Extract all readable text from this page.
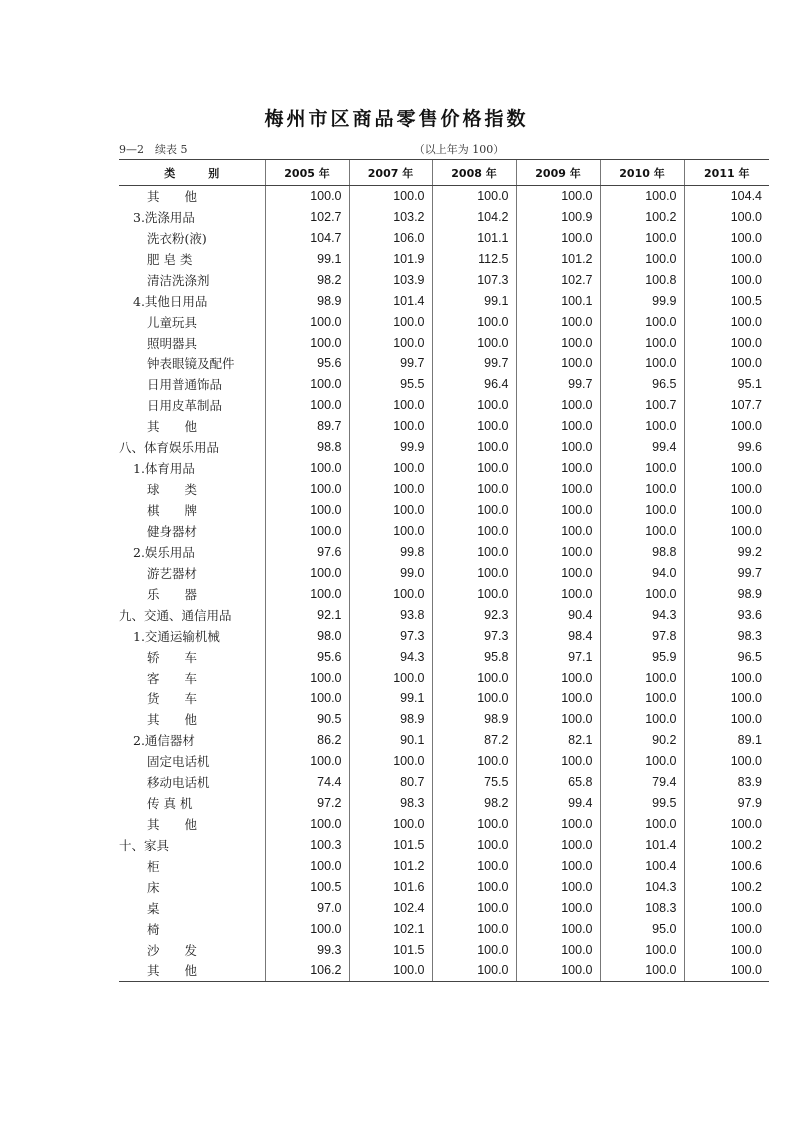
梅州市区商品零售价格指数
9—2　续表 5	（以上年为 100）
类　　　别	2005 年	2007 年	2008 年	2009 年	2010 年	2011 年
其　　他	100.0	100.0	100.0	100.0	100.0	104.4
3.洗涤用品	102.7	103.2	104.2	100.9	100.2	100.0
洗衣粉(液)	104.7	106.0	101.1	100.0	100.0	100.0
肥 皂 类	99.1	101.9	112.5	101.2	100.0	100.0
清洁洗涤剂	98.2	103.9	107.3	102.7	100.8	100.0
4.其他日用品	98.9	101.4	99.1	100.1	99.9	100.5
儿童玩具	100.0	100.0	100.0	100.0	100.0	100.0
照明器具	100.0	100.0	100.0	100.0	100.0	100.0
钟表眼镜及配件	95.6	99.7	99.7	100.0	100.0	100.0
日用普通饰品	100.0	95.5	96.4	99.7	96.5	95.1
日用皮革制品	100.0	100.0	100.0	100.0	100.7	107.7
其　　他	89.7	100.0	100.0	100.0	100.0	100.0
八、体育娱乐用品	98.8	99.9	100.0	100.0	99.4	99.6
1.体育用品	100.0	100.0	100.0	100.0	100.0	100.0
球　　类	100.0	100.0	100.0	100.0	100.0	100.0
棋　　牌	100.0	100.0	100.0	100.0	100.0	100.0
健身器材	100.0	100.0	100.0	100.0	100.0	100.0
2.娱乐用品	97.6	99.8	100.0	100.0	98.8	99.2
游艺器材	100.0	99.0	100.0	100.0	94.0	99.7
乐　　器	100.0	100.0	100.0	100.0	100.0	98.9
九、交通、通信用品	92.1	93.8	92.3	90.4	94.3	93.6
1.交通运输机械	98.0	97.3	97.3	98.4	97.8	98.3
轿　　车	95.6	94.3	95.8	97.1	95.9	96.5
客　　车	100.0	100.0	100.0	100.0	100.0	100.0
货　　车	100.0	99.1	100.0	100.0	100.0	100.0
其　　他	90.5	98.9	98.9	100.0	100.0	100.0
2.通信器材	86.2	90.1	87.2	82.1	90.2	89.1
固定电话机	100.0	100.0	100.0	100.0	100.0	100.0
移动电话机	74.4	80.7	75.5	65.8	79.4	83.9
传 真 机	97.2	98.3	98.2	99.4	99.5	97.9
其　　他	100.0	100.0	100.0	100.0	100.0	100.0
十、家具	100.3	101.5	100.0	100.0	101.4	100.2
柜	100.0	101.2	100.0	100.0	100.4	100.6
床	100.5	101.6	100.0	100.0	104.3	100.2
桌	97.0	102.4	100.0	100.0	108.3	100.0
椅	100.0	102.1	100.0	100.0	95.0	100.0
沙　　发	99.3	101.5	100.0	100.0	100.0	100.0
其　　他	106.2	100.0	100.0	100.0	100.0	100.0
